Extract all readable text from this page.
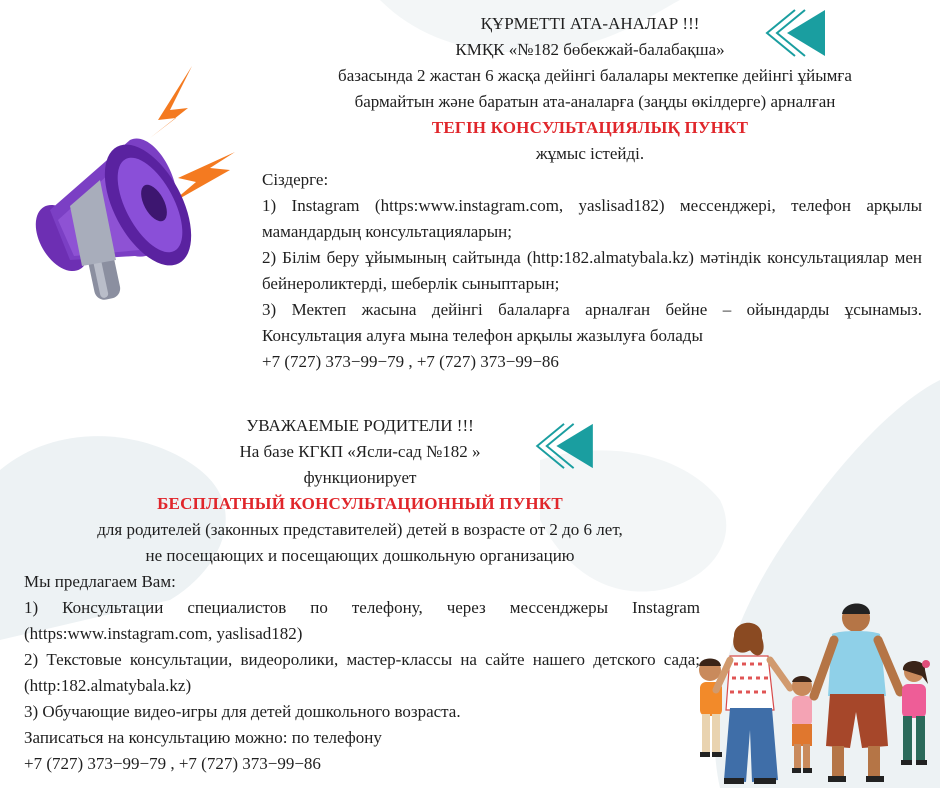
ҚҰРМЕТТІ АТА-АНАЛАР !!!
КМҚК «№182 бөбекжай-балабақша»
базасында 2 жастан 6 жасқа дейінгі балалары мектепке дейінгі ұйымға
бармайтын және баратын ата-аналарға (заңды өкілдерге) арналған
ТЕГІН КОНСУЛЬТАЦИЯЛЫҚ ПУНКТ
жұмыс істейді.
Сіздерге:
1) Instagram (https:www.instagram.com, yaslisad182) мессенджері, телефон арқылы мамандардың консультацияларын;
2) Білім беру ұйымының сайтында (http:182.almatybala.kz) мәтіндік консультациялар мен бейнероликтерді, шеберлік сыныптарын;
3) Мектеп жасына дейінгі балаларға арналған бейне – ойындарды ұсынамыз. Консультация алуға мына телефон арқылы жазылуға болады
+7 (727) 373−99−79 , +7 (727) 373−99−86
УВАЖАЕМЫЕ РОДИТЕЛИ !!!
На базе КГКП «Ясли-сад №182 »
функционирует
БЕСПЛАТНЫЙ КОНСУЛЬТАЦИОННЫЙ ПУНКТ
для родителей (законных представителей) детей в возрасте от 2 до 6 лет,
не посещающих и посещающих дошкольную организацию
Мы предлагаем Вам:
1) Консультации специалистов по телефону, через мессенджеры Instagram (https:www.instagram.com, yaslisad182)
2) Текстовые консультации, видеоролики, мастер-классы на сайте нашего детского сада; (http:182.almatybala.kz)
3) Обучающие видео-игры для детей дошкольного возраста.
Записаться на консультацию можно: по телефону
+7 (727) 373−99−79 , +7 (727) 373−99−86
